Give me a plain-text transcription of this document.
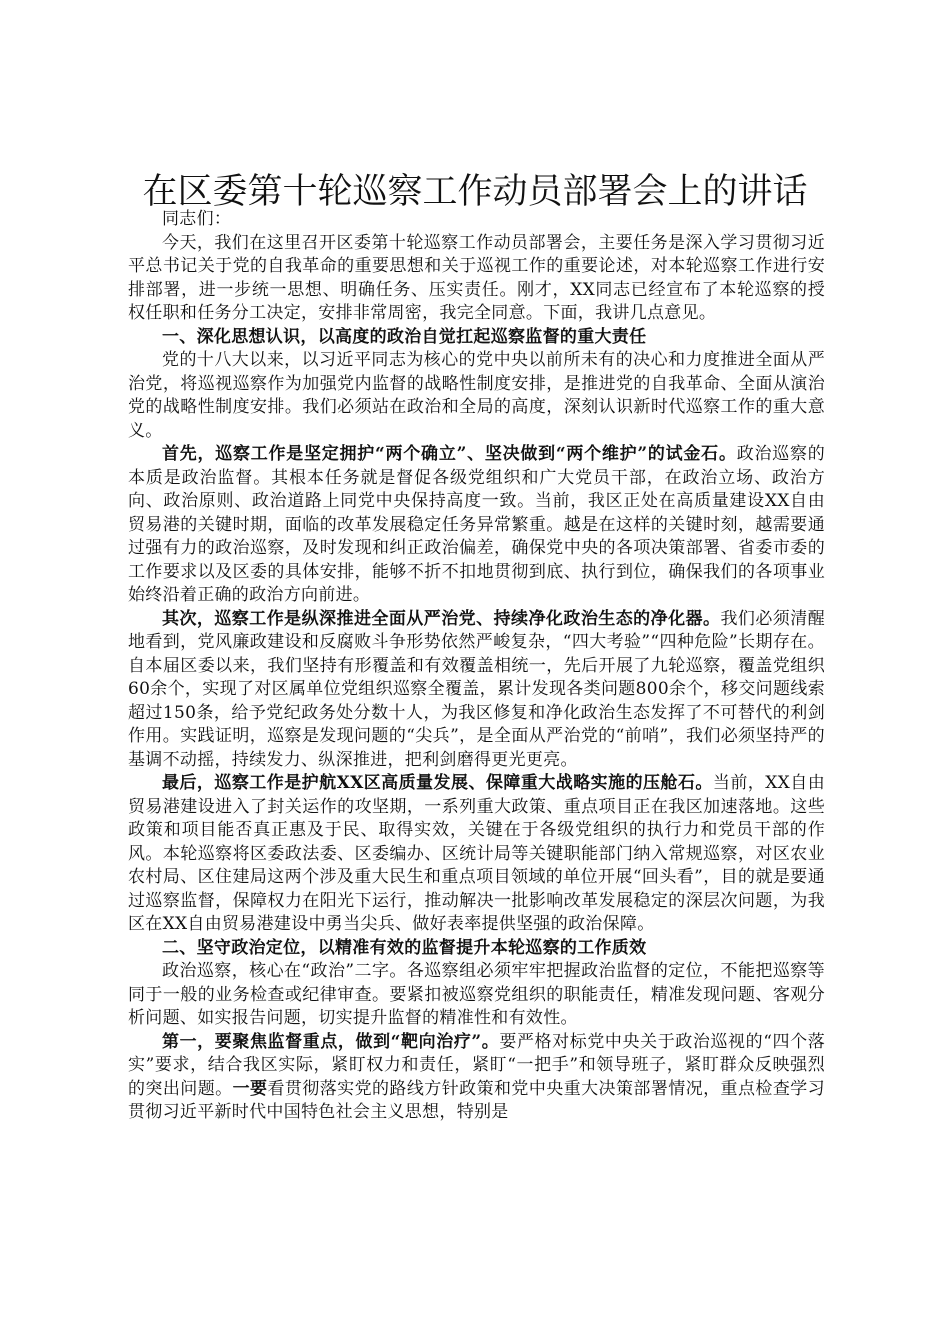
在区委第十轮巡察工作动员部署会上的讲话

同志们：

今天，我们在这里召开区委第十轮巡察工作动员部署会，主要任务是深入学习贯彻习近平总书记关于党的自我革命的重要思想和关于巡视工作的重要论述，对本轮巡察工作进行安排部署，进一步统一思想、明确任务、压实责任。刚才，XX同志已经宣布了本轮巡察的授权任职和任务分工决定，安排非常周密，我完全同意。下面，我讲几点意见。

一、深化思想认识，以高度的政治自觉扛起巡察监督的重大责任

党的十八大以来，以习近平同志为核心的党中央以前所未有的决心和力度推进全面从严治党，将巡视巡察作为加强党内监督的战略性制度安排，是推进党的自我革命、全面从演治党的战略性制度安排。我们必须站在政治和全局的高度，深刻认识新时代巡察工作的重大意义。

首先，巡察工作是坚定拥护“两个确立”、坚决做到“两个维护”的试金石。政治巡察的本质是政治监督。其根本任务就是督促各级党组织和广大党员干部，在政治立场、政治方向、政治原则、政治道路上同党中央保持高度一致。当前，我区正处在高质量建设XX自由贸易港的关键时期，面临的改革发展稳定任务异常繁重。越是在这样的关键时刻，越需要通过强有力的政治巡察，及时发现和纠正政治偏差，确保党中央的各项决策部署、省委市委的工作要求以及区委的具体安排，能够不折不扣地贯彻到底、执行到位，确保我们的各项事业始终沿着正确的政治方向前进。

其次，巡察工作是纵深推进全面从严治党、持续净化政治生态的净化器。我们必须清醒地看到，党风廉政建设和反腐败斗争形势依然严峻复杂，“四大考验”“四种危险”长期存在。自本届区委以来，我们坚持有形覆盖和有效覆盖相统一，先后开展了九轮巡察，覆盖党组织60余个，实现了对区属单位党组织巡察全覆盖，累计发现各类问题800余个，移交问题线索超过150条，给予党纪政务处分数十人，为我区修复和净化政治生态发挥了不可替代的利剑作用。实践证明，巡察是发现问题的“尖兵”，是全面从严治党的“前哨”，我们必须坚持严的基调不动摇，持续发力、纵深推进，把利剑磨得更光更亮。

最后，巡察工作是护航XX区高质量发展、保障重大战略实施的压舱石。当前，XX自由贸易港建设进入了封关运作的攻坚期，一系列重大政策、重点项目正在我区加速落地。这些政策和项目能否真正惠及于民、取得实效，关键在于各级党组织的执行力和党员干部的作风。本轮巡察将区委政法委、区委编办、区统计局等关键职能部门纳入常规巡察，对区农业农村局、区住建局这两个涉及重大民生和重点项目领域的单位开展“回头看”，目的就是要通过巡察监督，保障权力在阳光下运行，推动解决一批影响改革发展稳定的深层次问题，为我区在XX自由贸易港建设中勇当尖兵、做好表率提供坚强的政治保障。

二、坚守政治定位，以精准有效的监督提升本轮巡察的工作质效

政治巡察，核心在“政治”二字。各巡察组必须牢牢把握政治监督的定位，不能把巡察等同于一般的业务检查或纪律审查。要紧扣被巡察党组织的职能责任，精准发现问题、客观分析问题、如实报告问题，切实提升监督的精准性和有效性。

第一，要聚焦监督重点，做到“靶向治疗”。要严格对标党中央关于政治巡视的“四个落实”要求，结合我区实际，紧盯权力和责任，紧盯“一把手”和领导班子，紧盯群众反映强烈的突出问题。一要看贯彻落实党的路线方针政策和党中央重大决策部署情况，重点检查学习贯彻习近平新时代中国特色社会主义思想，特别是
